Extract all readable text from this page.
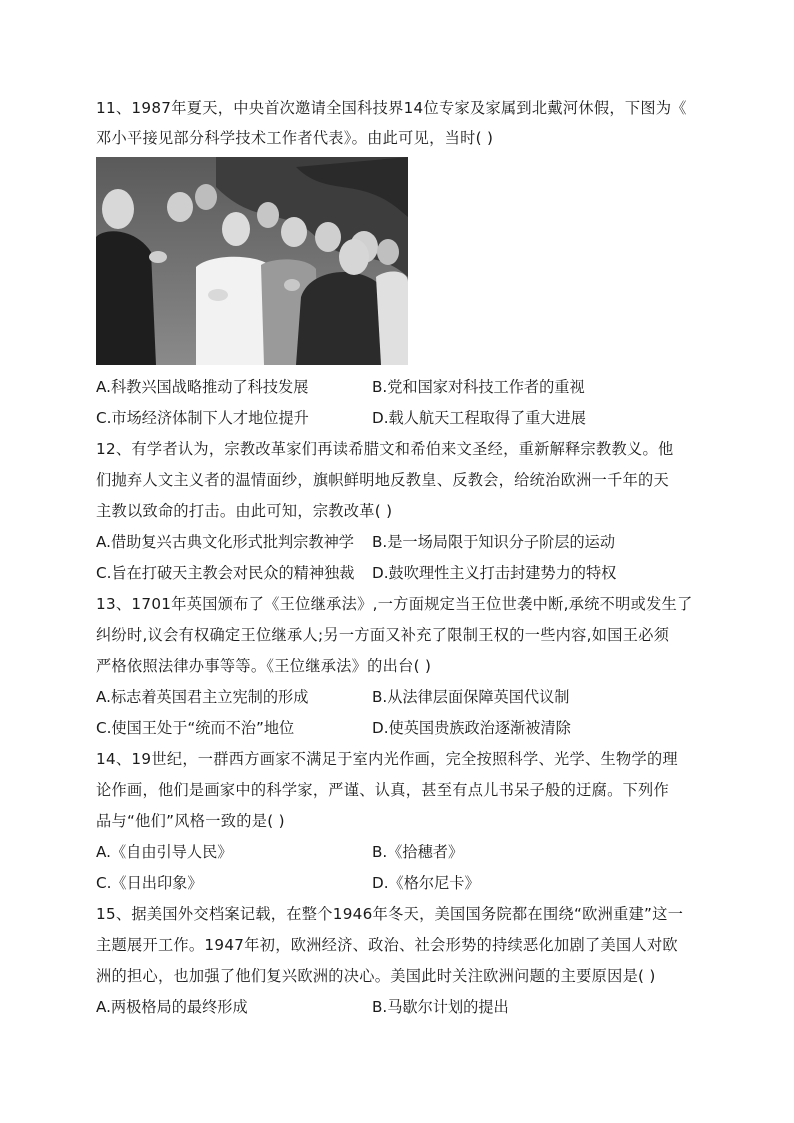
11、1987年夏天，中央首次邀请全国科技界14位专家及家属到北戴河休假，下图为《
邓小平接见部分科学技术工作者代表》。由此可见，当时( )
A.科教兴国战略推动了科技发展	B.党和国家对科技工作者的重视
C.市场经济体制下人才地位提升	D.载人航天工程取得了重大进展
12、有学者认为，宗教改革家们再读希腊文和希伯来文圣经，重新解释宗教教义。他
们抛弃人文主义者的温情面纱，旗帜鲜明地反教皇、反教会，给统治欧洲一千年的天
主教以致命的打击。由此可知，宗教改革( )
A.借助复兴古典文化形式批判宗教神学 B.是一场局限于知识分子阶层的运动
C.旨在打破天主教会对民众的精神独裁 D.鼓吹理性主义打击封建势力的特权
13、1701年英国颁布了《王位继承法》,一方面规定当王位世袭中断,承统不明或发生了
纠纷时,议会有权确定王位继承人;另一方面又补充了限制王权的一些内容,如国王必须
严格依照法律办事等等。《王位继承法》的出台( )
A.标志着英国君主立宪制的形成	B.从法律层面保障英国代议制
C.使国王处于“统而不治”地位	D.使英国贵族政治逐渐被清除
14、19世纪，一群西方画家不满足于室内光作画，完全按照科学、光学、生物学的理
论作画，他们是画家中的科学家，严谨、认真，甚至有点儿书呆子般的迂腐。下列作
品与“他们”风格一致的是( )
A.《自由引导人民》	B.《拾穗者》
C.《日出印象》	D.《格尔尼卡》
15、据美国外交档案记载，在整个1946年冬天，美国国务院都在围绕“欧洲重建”这一
主题展开工作。1947年初，欧洲经济、政治、社会形势的持续恶化加剧了美国人对欧
洲的担心，也加强了他们复兴欧洲的决心。美国此时关注欧洲问题的主要原因是( )
A.两极格局的最终形成	B.马歇尔计划的提出
